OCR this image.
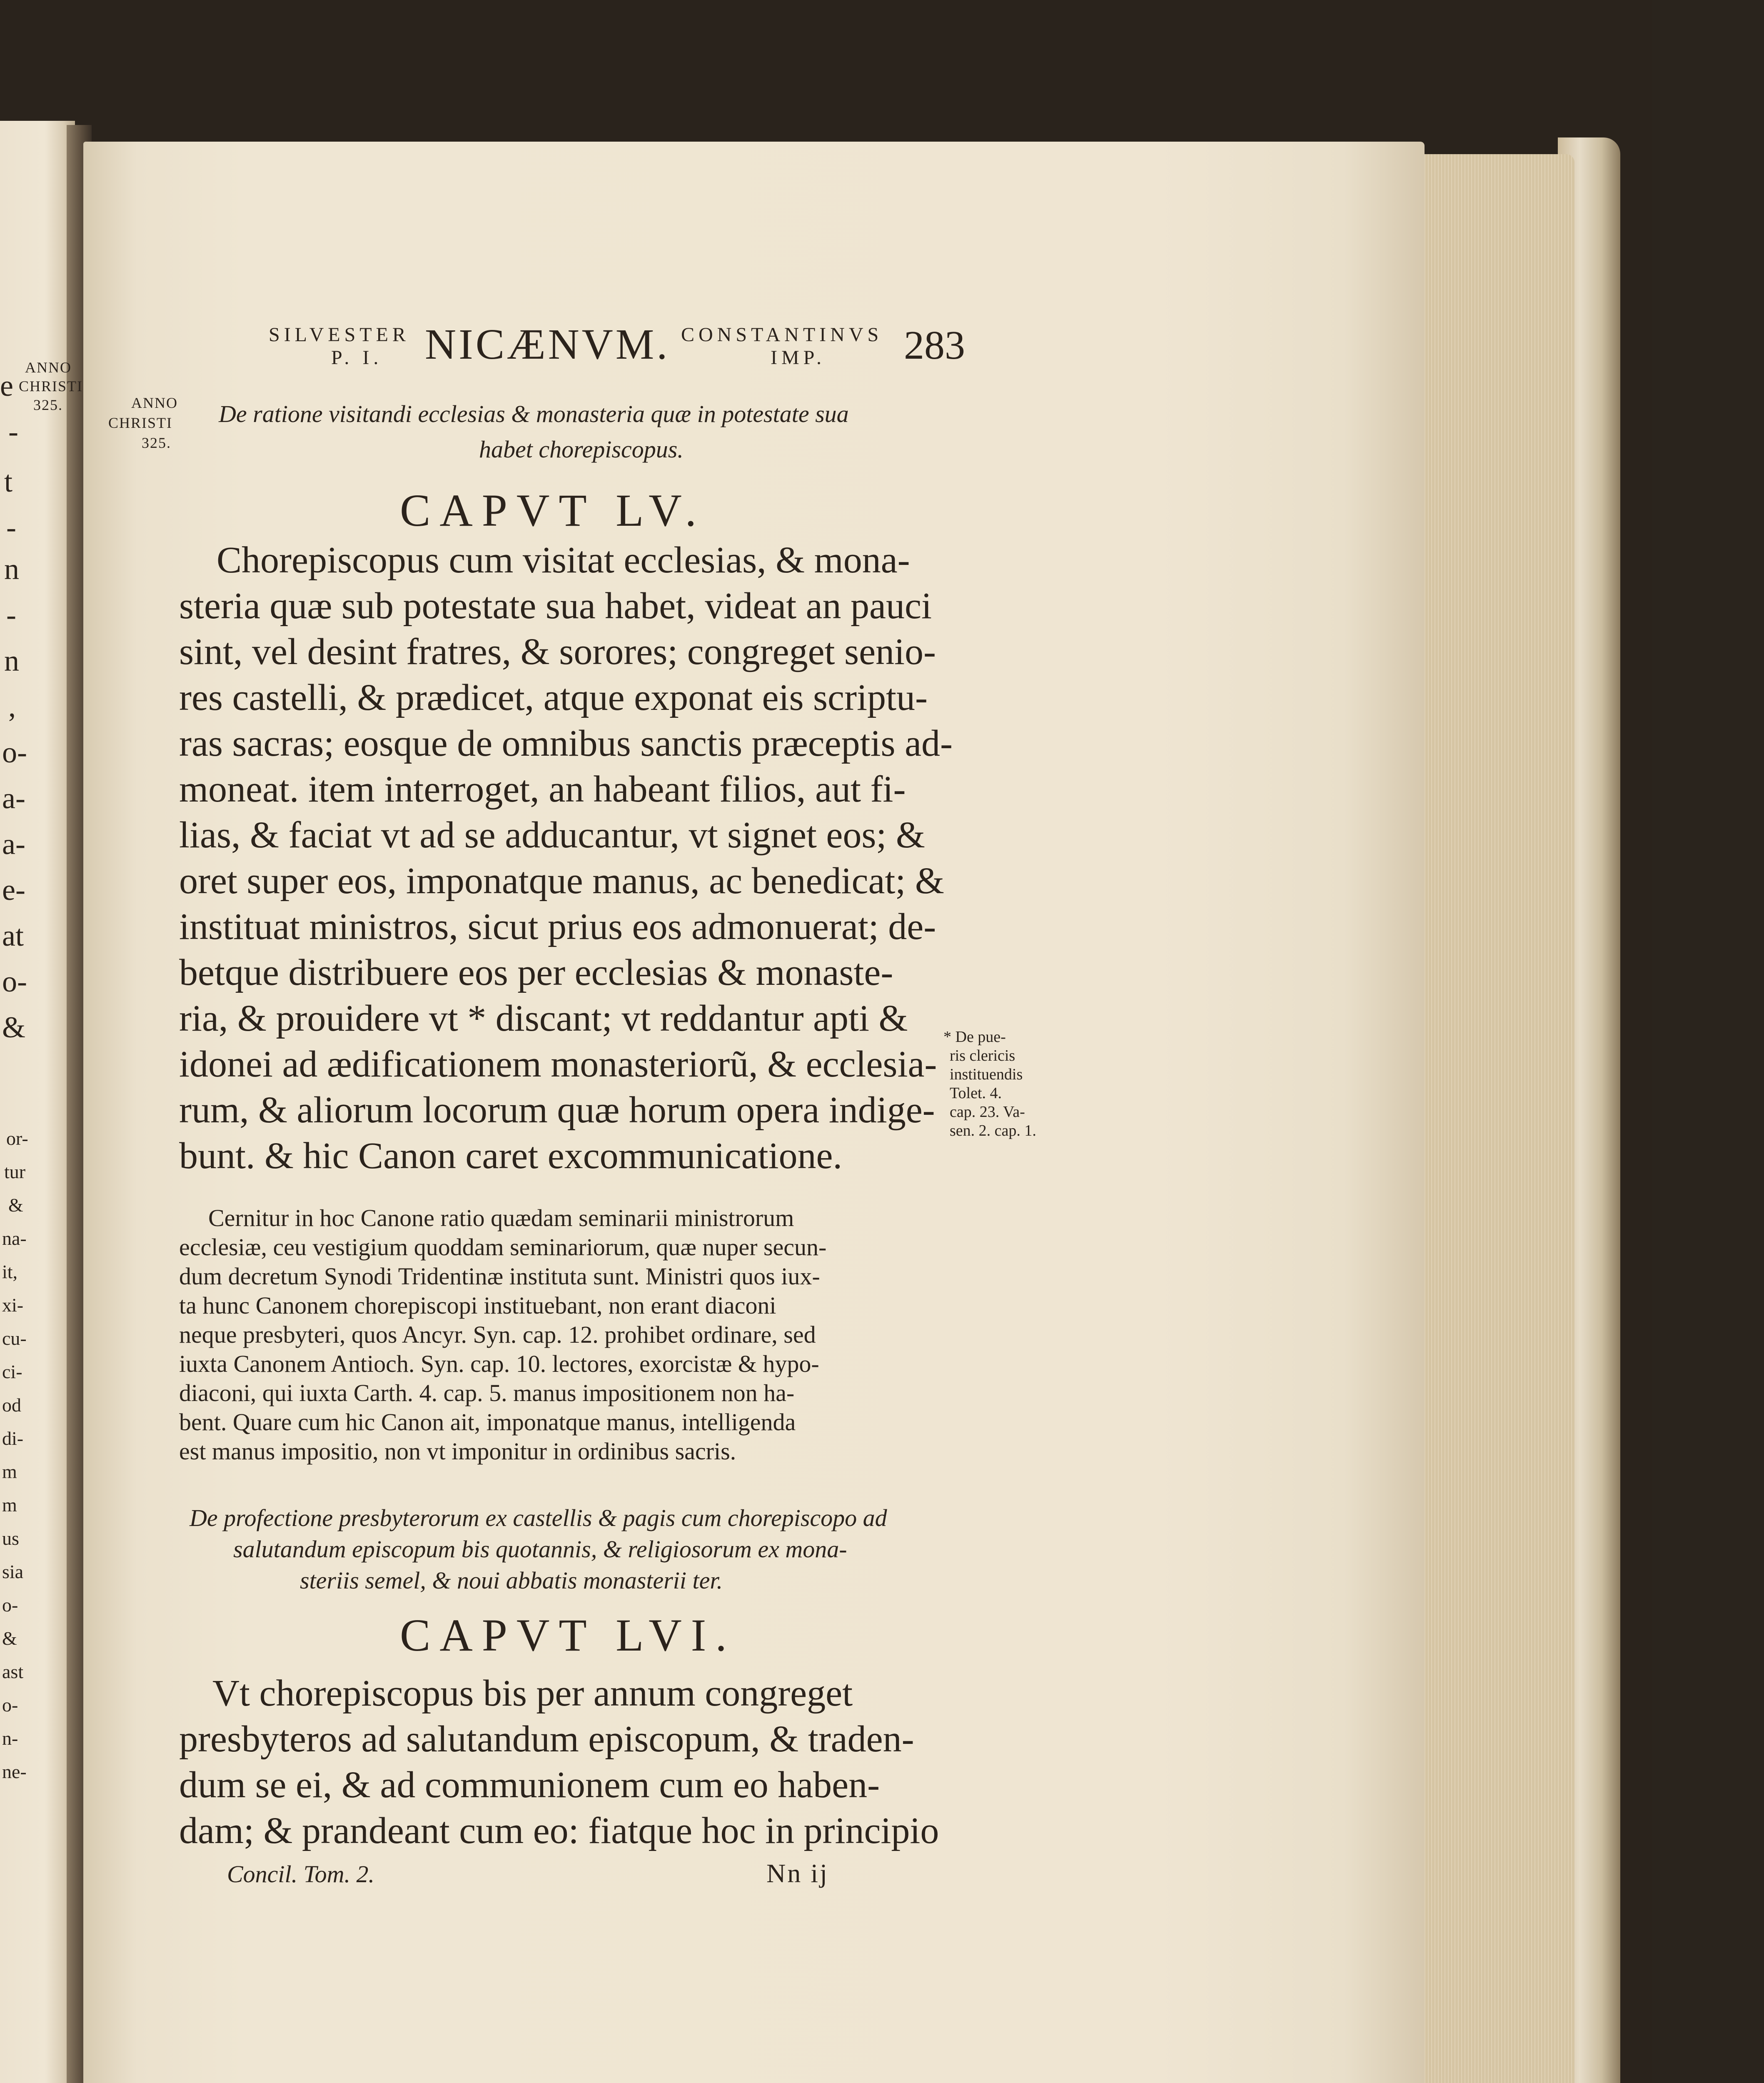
e
-
t
-
n
-
n
,
o-
a-
a-
e-
at
o-
&
or-
tur
&
na-
it,
xi-
cu-
ci-
od
di-
m
m
us
sia
o-
&
ast
o-
n-
ne-
ANNO
CHRISTI
325.
SILVESTER
P. I. NICÆNVM. CONSTANTINVS
IMP. 283
ANNO
CHRISTI
325.
De ratione visitandi ecclesias & monasteria quæ in potestate sua
habet chorepiscopus.
CAPVT LV.
Chorepiscopus cum visitat ecclesias, & mona-
steria quæ sub potestate sua habet, videat an pauci
sint, vel desint fratres, & sorores; congreget senio-
res castelli, & prædicet, atque exponat eis scriptu-
ras sacras; eosque de omnibus sanctis præceptis ad-
moneat. item interroget, an habeant filios, aut fi-
lias, & faciat vt ad se adducantur, vt signet eos; &
oret super eos, imponatque manus, ac benedicat; &
instituat ministros, sicut prius eos admonuerat; de-
betque distribuere eos per ecclesias & monaste-
ria, & prouidere vt * discant; vt reddantur apti &
idonei ad ædificationem monasteriorũ, & ecclesia-
rum, & aliorum locorum quæ horum opera indige-
bunt. & hic Canon caret excommunicatione.
* De pue-
ris clericis
instituendis
Tolet. 4.
cap. 23. Va-
sen. 2. cap. 1.
Cernitur in hoc Canone ratio quædam seminarii ministrorum
ecclesiæ, ceu vestigium quoddam seminariorum, quæ nuper secun-
dum decretum Synodi Tridentinæ instituta sunt. Ministri quos iux-
ta hunc Canonem chorepiscopi instituebant, non erant diaconi
neque presbyteri, quos Ancyr. Syn. cap. 12. prohibet ordinare, sed
iuxta Canonem Antioch. Syn. cap. 10. lectores, exorcistæ & hypo-
diaconi, qui iuxta Carth. 4. cap. 5. manus impositionem non ha-
bent. Quare cum hic Canon ait, imponatque manus, intelligenda
est manus impositio, non vt imponitur in ordinibus sacris.
De profectione presbyterorum ex castellis & pagis cum chorepiscopo ad
salutandum episcopum bis quotannis, & religiosorum ex mona-
steriis semel, & noui abbatis monasterii ter.
CAPVT LVI.
Vt chorepiscopus bis per annum congreget
presbyteros ad salutandum episcopum, & traden-
dum se ei, & ad communionem cum eo haben-
dam; & prandeant cum eo: fiatque hoc in principio
Concil. Tom. 2.	Nn ij
